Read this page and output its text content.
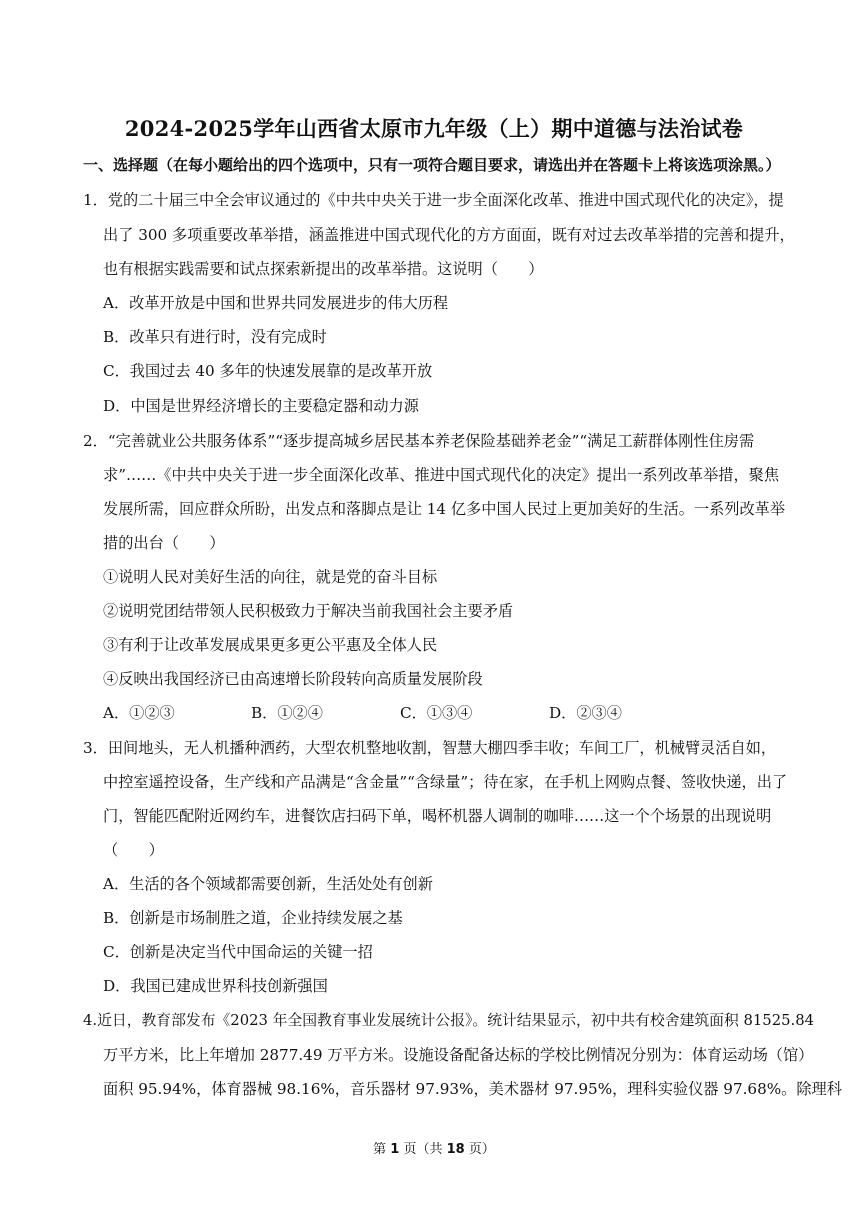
2024-2025学年山西省太原市九年级（上）期中道德与法治试卷
一、选择题（在每小题给出的四个选项中，只有一项符合题目要求，请选出并在答题卡上将该选项涂黑。）
1．党的二十届三中全会审议通过的《中共中央关于进一步全面深化改革、推进中国式现代化的决定》，提
出了 300 多项重要改革举措，涵盖推进中国式现代化的方方面面，既有对过去改革举措的完善和提升，
也有根据实践需要和试点探索新提出的改革举措。这说明（　　）
A．改革开放是中国和世界共同发展进步的伟大历程
B．改革只有进行时，没有完成时
C．我国过去 40 多年的快速发展靠的是改革开放
D．中国是世界经济增长的主要稳定器和动力源
2．“完善就业公共服务体系”“逐步提高城乡居民基本养老保险基础养老金”“满足工薪群体刚性住房需
求”……《中共中央关于进一步全面深化改革、推进中国式现代化的决定》提出一系列改革举措，聚焦
发展所需，回应群众所盼，出发点和落脚点是让 14 亿多中国人民过上更加美好的生活。一系列改革举
措的出台（　　）
①说明人民对美好生活的向往，就是党的奋斗目标
②说明党团结带领人民积极致力于解决当前我国社会主要矛盾
③有利于让改革发展成果更多更公平惠及全体人民
④反映出我国经济已由高速增长阶段转向高质量发展阶段
A．①②③	B．①②④	C．①③④	D．②③④
3．田间地头，无人机播种洒药，大型农机整地收割，智慧大棚四季丰收；车间工厂，机械臂灵活自如，
中控室遥控设备，生产线和产品满是“含金量”“含绿量”；待在家，在手机上网购点餐、签收快递，出了
门，智能匹配附近网约车，进餐饮店扫码下单，喝杯机器人调制的咖啡……这一个个场景的出现说明
（　　）
A．生活的各个领域都需要创新，生活处处有创新
B．创新是市场制胜之道，企业持续发展之基
C．创新是决定当代中国命运的关键一招
D．我国已建成世界科技创新强国
4.近日，教育部发布《2023 年全国教育事业发展统计公报》。统计结果显示，初中共有校舍建筑面积 81525.84
万平方米，比上年增加 2877.49 万平方米。设施设备配备达标的学校比例情况分别为：体育运动场（馆）
面积 95.94%，体育器械 98.16%，音乐器材 97.93%，美术器材 97.95%，理科实验仪器 97.68%。除理科
第 1 页（共 18 页）
